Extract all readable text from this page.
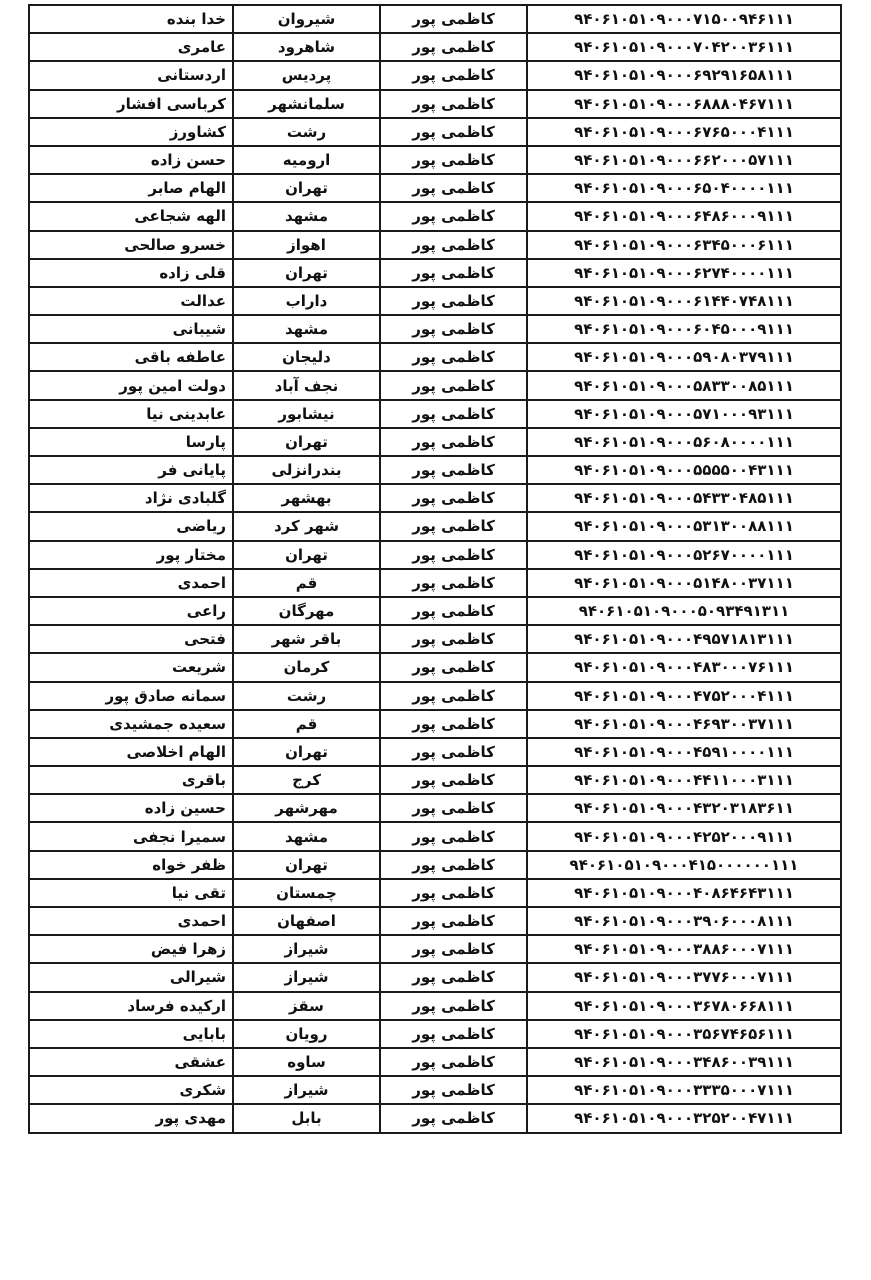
خدا بنده	شیروان	کاظمی پور	۹۴۰۶۱۰۵۱۰۹۰۰۰۷۱۵۰۰۹۴۶۱۱۱
عامری	شاهرود	کاظمی پور	۹۴۰۶۱۰۵۱۰۹۰۰۰۷۰۴۲۰۰۳۶۱۱۱
اردستانی	پردیس	کاظمی پور	۹۴۰۶۱۰۵۱۰۹۰۰۰۶۹۲۹۱۶۵۸۱۱۱
کرباسی افشار	سلمانشهر	کاظمی پور	۹۴۰۶۱۰۵۱۰۹۰۰۰۶۸۸۸۰۴۶۷۱۱۱
کشاورز	رشت	کاظمی پور	۹۴۰۶۱۰۵۱۰۹۰۰۰۶۷۶۵۰۰۰۴۱۱۱
حسن زاده	ارومیه	کاظمی پور	۹۴۰۶۱۰۵۱۰۹۰۰۰۶۶۲۰۰۰۵۷۱۱۱
الهام صابر	تهران	کاظمی پور	۹۴۰۶۱۰۵۱۰۹۰۰۰۶۵۰۴۰۰۰۰۱۱۱
الهه شجاعی	مشهد	کاظمی پور	۹۴۰۶۱۰۵۱۰۹۰۰۰۶۴۸۶۰۰۰۹۱۱۱
خسرو صالحی	اهواز	کاظمی پور	۹۴۰۶۱۰۵۱۰۹۰۰۰۶۳۴۵۰۰۰۶۱۱۱
قلی زاده	تهران	کاظمی پور	۹۴۰۶۱۰۵۱۰۹۰۰۰۶۲۷۴۰۰۰۰۱۱۱
عدالت	داراب	کاظمی پور	۹۴۰۶۱۰۵۱۰۹۰۰۰۶۱۴۴۰۷۴۸۱۱۱
شیبانی	مشهد	کاظمی پور	۹۴۰۶۱۰۵۱۰۹۰۰۰۶۰۴۵۰۰۰۹۱۱۱
عاطفه باقی	دلیجان	کاظمی پور	۹۴۰۶۱۰۵۱۰۹۰۰۰۵۹۰۸۰۳۷۹۱۱۱
دولت امین پور	نجف آباد	کاظمی پور	۹۴۰۶۱۰۵۱۰۹۰۰۰۵۸۳۳۰۰۸۵۱۱۱
عابدینی نیا	نیشابور	کاظمی پور	۹۴۰۶۱۰۵۱۰۹۰۰۰۵۷۱۰۰۰۹۳۱۱۱
پارسا	تهران	کاظمی پور	۹۴۰۶۱۰۵۱۰۹۰۰۰۵۶۰۸۰۰۰۰۱۱۱
پایانی فر	بندرانزلی	کاظمی پور	۹۴۰۶۱۰۵۱۰۹۰۰۰۵۵۵۵۰۰۴۳۱۱۱
گلبادی نژاد	بهشهر	کاظمی پور	۹۴۰۶۱۰۵۱۰۹۰۰۰۵۴۳۳۰۴۸۵۱۱۱
ریاضی	شهر کرد	کاظمی پور	۹۴۰۶۱۰۵۱۰۹۰۰۰۵۳۱۳۰۰۸۸۱۱۱
مختار پور	تهران	کاظمی پور	۹۴۰۶۱۰۵۱۰۹۰۰۰۵۲۶۷۰۰۰۰۱۱۱
احمدی	قم	کاظمی پور	۹۴۰۶۱۰۵۱۰۹۰۰۰۵۱۴۸۰۰۳۷۱۱۱
راعی	مهرگان	کاظمی پور	۹۴۰۶۱۰۵۱۰۹۰۰۰۵۰۹۳۴۹۱۳۱۱
فتحی	باقر شهر	کاظمی پور	۹۴۰۶۱۰۵۱۰۹۰۰۰۴۹۵۷۱۸۱۳۱۱۱
شریعت	کرمان	کاظمی پور	۹۴۰۶۱۰۵۱۰۹۰۰۰۴۸۳۰۰۰۷۶۱۱۱
سمانه صادق پور	رشت	کاظمی پور	۹۴۰۶۱۰۵۱۰۹۰۰۰۴۷۵۲۰۰۰۴۱۱۱
سعیده جمشیدی	قم	کاظمی پور	۹۴۰۶۱۰۵۱۰۹۰۰۰۴۶۹۳۰۰۳۷۱۱۱
الهام اخلاصی	تهران	کاظمی پور	۹۴۰۶۱۰۵۱۰۹۰۰۰۴۵۹۱۰۰۰۰۱۱۱
باقری	کرج	کاظمی پور	۹۴۰۶۱۰۵۱۰۹۰۰۰۴۴۱۱۰۰۰۳۱۱۱
حسین زاده	مهرشهر	کاظمی پور	۹۴۰۶۱۰۵۱۰۹۰۰۰۴۳۲۰۳۱۸۳۶۱۱
سمیرا نجفی	مشهد	کاظمی پور	۹۴۰۶۱۰۵۱۰۹۰۰۰۴۲۵۲۰۰۰۹۱۱۱
ظفر خواه	تهران	کاظمی پور	۹۴۰۶۱۰۵۱۰۹۰۰۰۴۱۵۰۰۰۰۰۰۱۱۱
تقی نیا	چمستان	کاظمی پور	۹۴۰۶۱۰۵۱۰۹۰۰۰۴۰۸۶۴۶۴۳۱۱۱
احمدی	اصفهان	کاظمی پور	۹۴۰۶۱۰۵۱۰۹۰۰۰۳۹۰۶۰۰۰۸۱۱۱
زهرا فیض	شیراز	کاظمی پور	۹۴۰۶۱۰۵۱۰۹۰۰۰۳۸۸۶۰۰۰۷۱۱۱
شیرالی	شیراز	کاظمی پور	۹۴۰۶۱۰۵۱۰۹۰۰۰۳۷۷۶۰۰۰۷۱۱۱
ارکیده فرساد	سقز	کاظمی پور	۹۴۰۶۱۰۵۱۰۹۰۰۰۳۶۷۸۰۶۶۸۱۱۱
بابایی	رویان	کاظمی پور	۹۴۰۶۱۰۵۱۰۹۰۰۰۳۵۶۷۴۶۵۶۱۱۱
عشقی	ساوه	کاظمی پور	۹۴۰۶۱۰۵۱۰۹۰۰۰۳۴۸۶۰۰۳۹۱۱۱
شکری	شیراز	کاظمی پور	۹۴۰۶۱۰۵۱۰۹۰۰۰۳۳۳۵۰۰۰۷۱۱۱
مهدی پور	بابل	کاظمی پور	۹۴۰۶۱۰۵۱۰۹۰۰۰۳۲۵۲۰۰۴۷۱۱۱
